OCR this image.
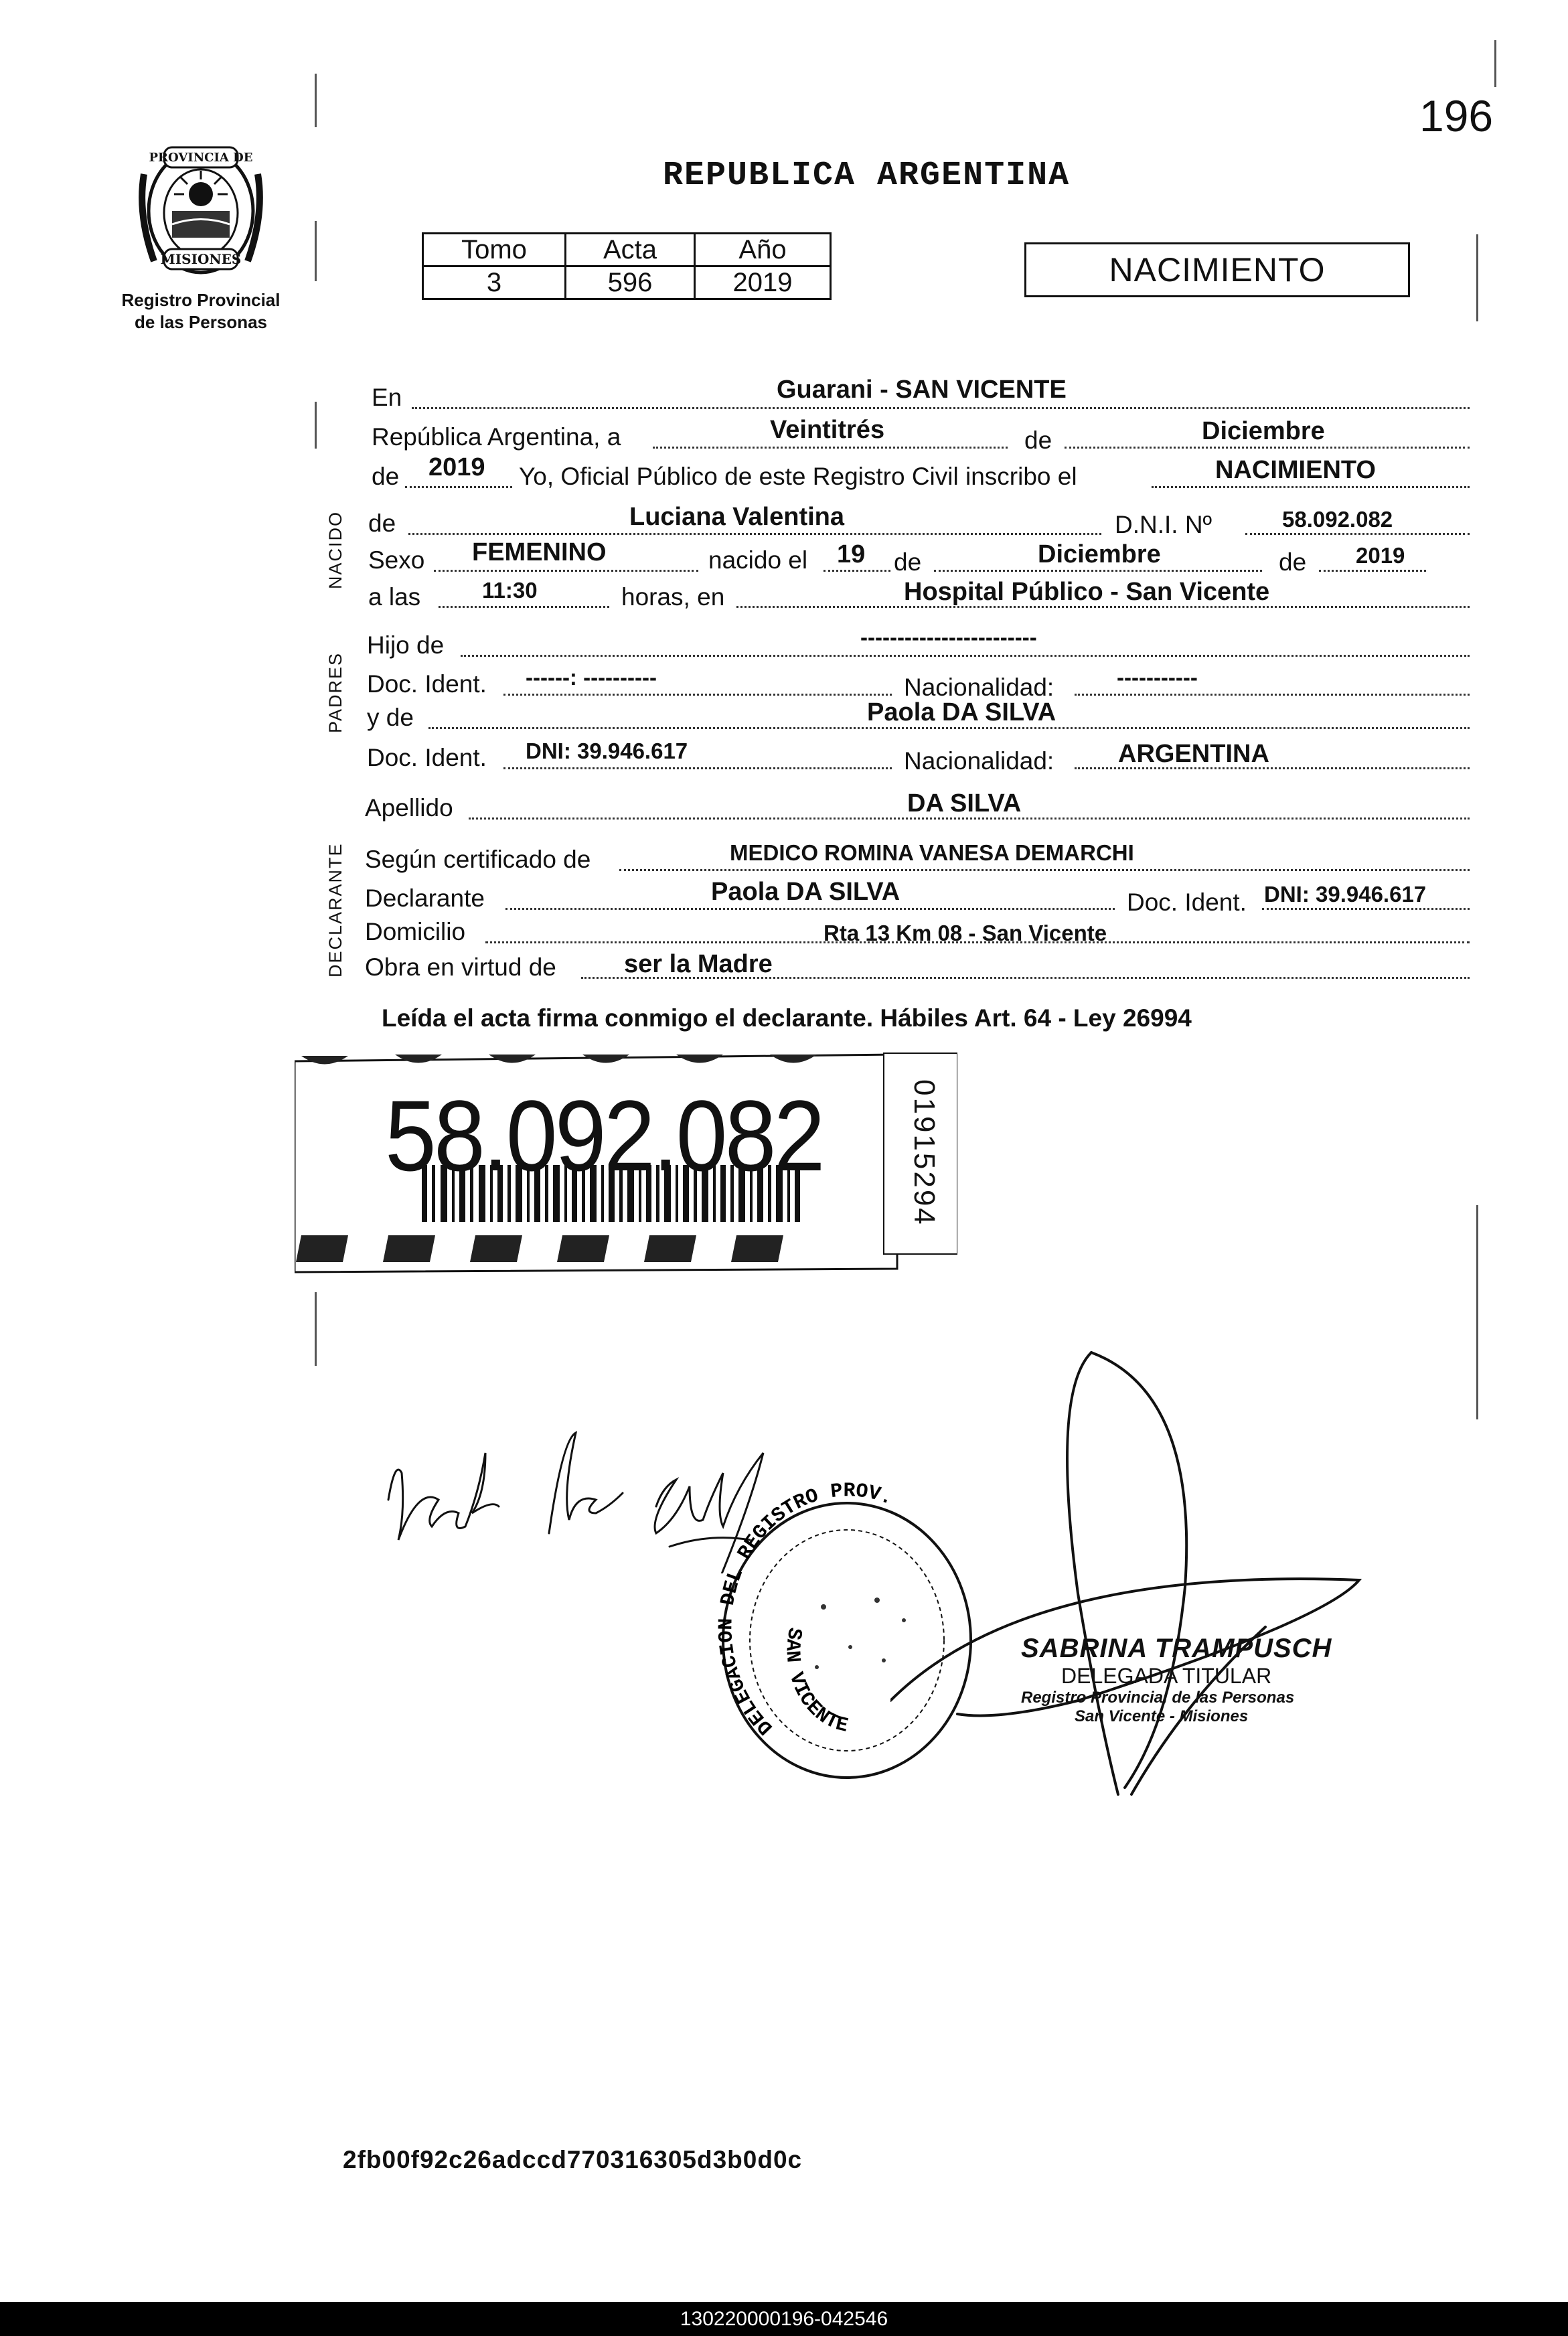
196
REPUBLICA ARGENTINA
PROVINCIA DE
MISIONES
Registro Provincial
de las Personas
Tomo	Acta	Año
3	596	2019	NACIMIENTO
NACIDO
PADRES
DECLARANTE
En	Guarani - SAN VICENTE
República Argentina, a	Veintitrés	de	Diciembre
de 2019 Yo, Oficial Público de este Registro Civil inscribo el	NACIMIENTO
de	Luciana Valentina	D.N.I. Nº	58.092.082
Sexo FEMENINO	nacido el 19 de	Diciembre	de 2019
a las	11:30	horas, en	Hospital Público - San Vicente
Hijo de	------------------------
Doc. Ident. ------: ----------	Nacionalidad:	-----------
y de	Paola DA SILVA
Doc. Ident. DNI: 39.946.617	Nacionalidad:	ARGENTINA
Apellido	DA SILVA
Según certificado de	MEDICO ROMINA VANESA DEMARCHI
Declarante	Paola DA SILVA	Doc. Ident. DNI: 39.946.617
Domicilio	Rta 13 Km 08 - San Vicente
Obra en virtud de	ser la Madre
Leída el acta firma conmigo el declarante. Hábiles Art. 64 - Ley 26994
58.092.082	01915294
DELEGACION DEL REGISTRO PROV.
SAN VICENTE
SABRINA TRAMPUSCH
DELEGADA TITULAR
Registro Provincial de las Personas
San Vicente - Misiones
2fb00f92c26adccd770316305d3b0d0c
130220000196-042546
